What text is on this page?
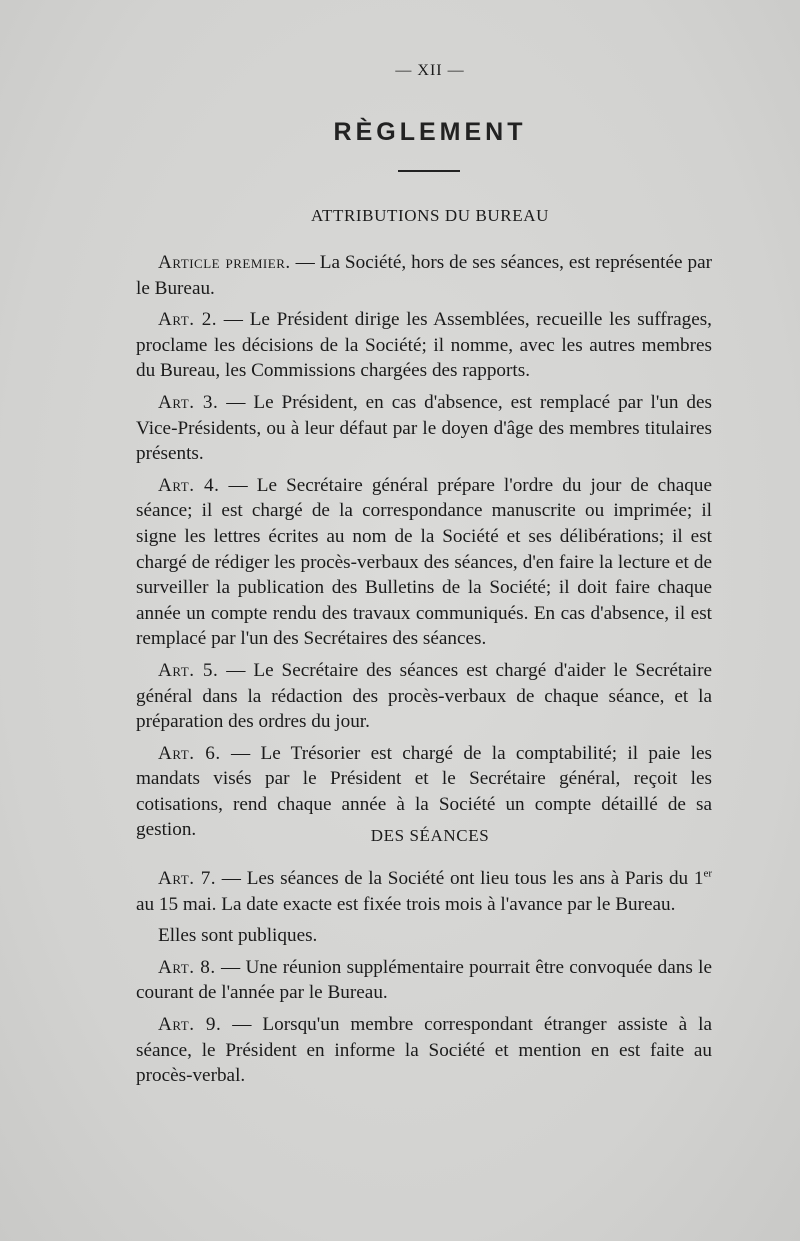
— XII —
RÈGLEMENT
ATTRIBUTIONS DU BUREAU

Article premier. — La Société, hors de ses séances, est représentée par le Bureau.

Art. 2. — Le Président dirige les Assemblées, recueille les suffrages, proclame les décisions de la Société; il nomme, avec les autres membres du Bureau, les Commissions chargées des rapports.

Art. 3. — Le Président, en cas d'absence, est remplacé par l'un des Vice-Présidents, ou à leur défaut par le doyen d'âge des membres titulaires présents.

Art. 4. — Le Secrétaire général prépare l'ordre du jour de chaque séance; il est chargé de la correspondance manuscrite ou imprimée; il signe les lettres écrites au nom de la Société et ses délibérations; il est chargé de rédiger les procès-verbaux des séances, d'en faire la lecture et de surveiller la publication des Bulletins de la Société; il doit faire chaque année un compte rendu des travaux communiqués. En cas d'absence, il est remplacé par l'un des Secrétaires des séances.

Art. 5. — Le Secrétaire des séances est chargé d'aider le Secrétaire général dans la rédaction des procès-verbaux de chaque séance, et la préparation des ordres du jour.

Art. 6. — Le Trésorier est chargé de la comptabilité; il paie les mandats visés par le Président et le Secrétaire général, reçoit les cotisations, rend chaque année à la Société un compte détaillé de sa gestion.	DES SÉANCES

Art. 7. — Les séances de la Société ont lieu tous les ans à Paris du 1er au 15 mai. La date exacte est fixée trois mois à l'avance par le Bureau.

Elles sont publiques.

Art. 8. — Une réunion supplémentaire pourrait être convoquée dans le courant de l'année par le Bureau.

Art. 9. — Lorsqu'un membre correspondant étranger assiste à la séance, le Président en informe la Société et mention en est faite au procès-verbal.
